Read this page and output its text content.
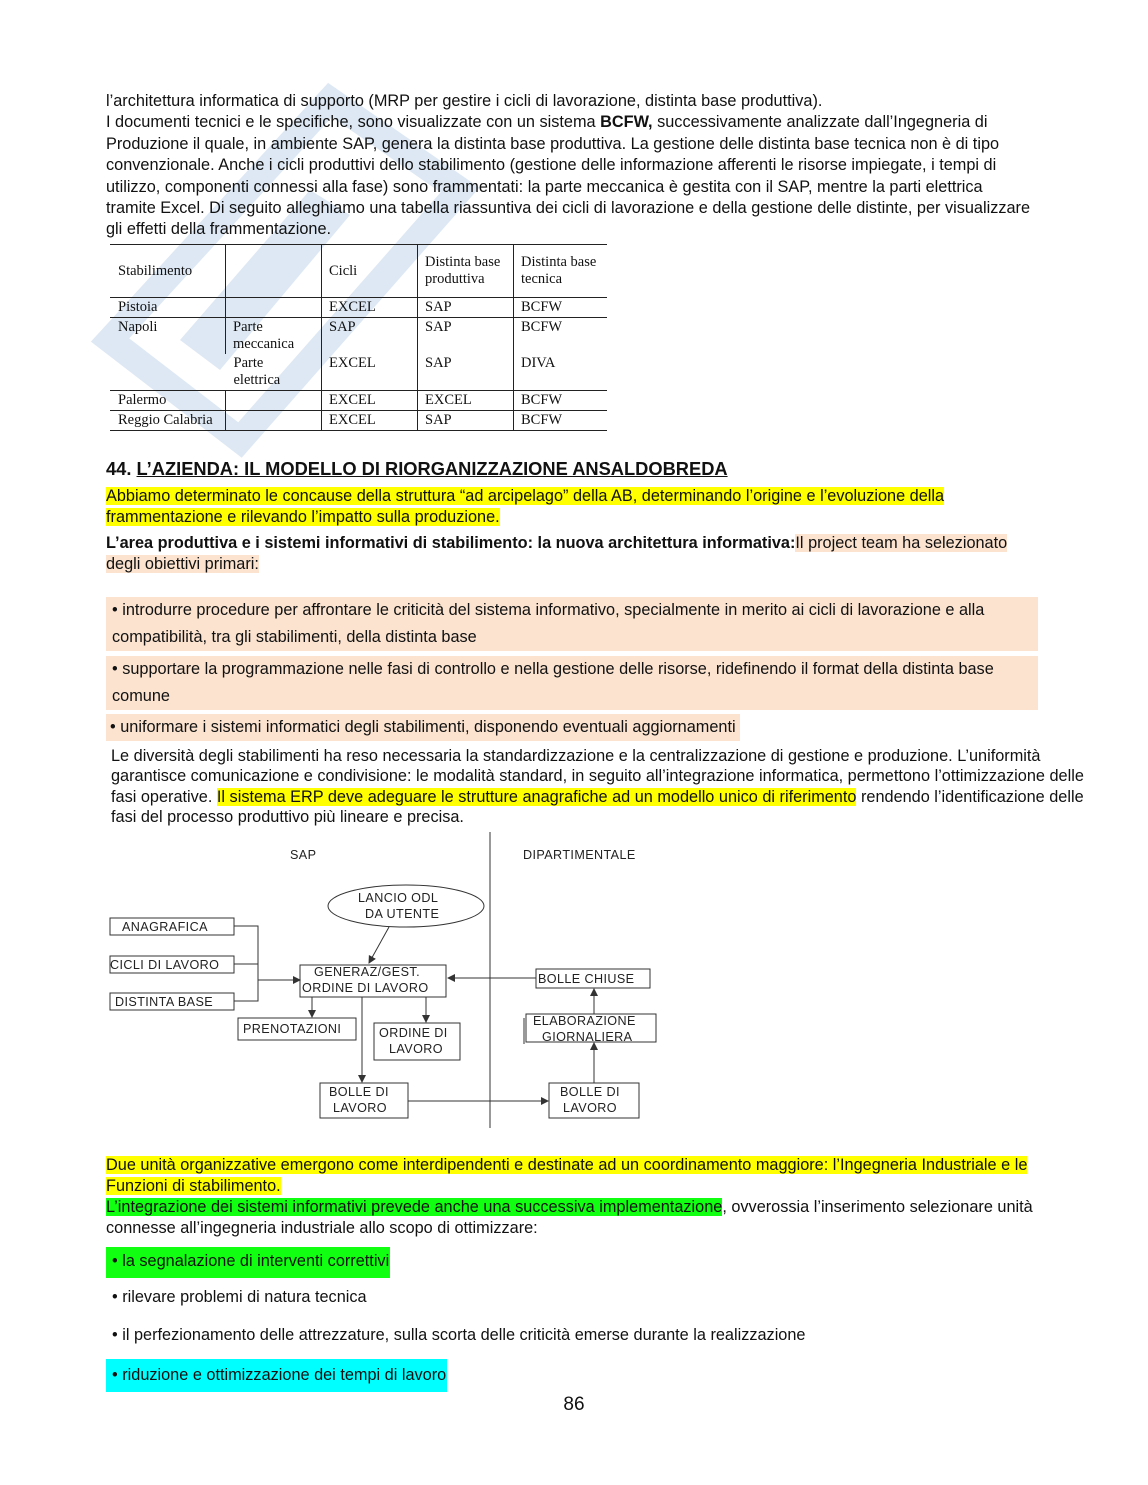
l’architettura informatica di supporto (MRP per gestire i cicli di lavorazione, distinta base produttiva).

I documenti tecnici e le specifiche, sono visualizzate con un sistema BCFW, successivamente analizzate dall’Ingegneria di Produzione il quale, in ambiente SAP, genera la distinta base produttiva. La gestione delle distinta base tecnica non è di tipo convenzionale. Anche i cicli produttivi dello stabilimento (gestione delle informazione afferenti le risorse impiegate, i tempi di utilizzo, componenti connessi alla fase) sono frammentati: la parte meccanica è gestita con il SAP, mentre la parti elettrica tramite Excel. Di seguito alleghiamo una tabella riassuntiva dei cicli di lavorazione e della gestione delle distinte, per visualizzare gli effetti della frammentazione.

Stabilimento		Cicli	Distinta base produttiva	Distinta base tecnica
Pistoia		EXCEL	SAP	BCFW
Napoli	Parte meccanica	SAP	SAP	BCFW
	Parte elettrica	EXCEL	SAP	DIVA
Palermo		EXCEL	EXCEL	BCFW
Reggio Calabria		EXCEL	SAP	BCFW
44. L’AZIENDA: IL MODELLO DI RIORGANIZZAZIONE ANSALDOBREDA

Abbiamo determinato le concause della struttura “ad arcipelago” della AB, determinando l’origine e l’evoluzione della frammentazione e rilevando l’impatto sulla produzione.

L’area produttiva e i sistemi informativi di stabilimento: la nuova architettura informativa:Il project team ha selezionato degli obiettivi primari:

• introdurre procedure per affrontare le criticità del sistema informativo, specialmente in merito ai cicli di lavorazione e alla compatibilità, tra gli stabilimenti, della distinta base
• supportare la programmazione nelle fasi di controllo e nella gestione delle risorse, ridefinendo il format della distinta base comune
• uniformare i sistemi informatici degli stabilimenti, disponendo eventuali aggiornamenti

Le diversità degli stabilimenti ha reso necessaria la standardizzazione e la centralizzazione di gestione e produzione. L’uniformità garantisce comunicazione e condivisione: le modalità standard, in seguito all’integrazione informatica, permettono l’ottimizzazione delle fasi operative. Il sistema ERP deve adeguare le strutture anagrafiche ad un modello unico di riferimento rendendo l’identificazione delle fasi del processo produttivo più lineare e precisa.

SAP	DIPARTIMENTALE
LANCIO ODL
DA UTENTE
ANAGRAFICA
CICLI DI LAVORO
DISTINTA BASE
GENERAZ/GEST.
ORDINE DI LAVORO
PRENOTAZIONI	ORDINE DI
LAVORO
BOLLE DI
LAVORO
BOLLE CHIUSE
ELABORAZIONE
GIORNALIERA
BOLLE DI
LAVORO

Due unità organizzative emergono come interdipendenti e destinate ad un coordinamento maggiore: l’Ingegneria Industriale e le Funzioni di stabilimento.

L’integrazione dei sistemi informativi prevede anche una successiva implementazione, ovverossia l’inserimento selezionare unità connesse all’ingegneria industriale allo scopo di ottimizzare:

• la segnalazione di interventi correttivi
• rilevare problemi di natura tecnica
• il perfezionamento delle attrezzature, sulla scorta delle criticità emerse durante la realizzazione
• riduzione e ottimizzazione dei tempi di lavoro
86
